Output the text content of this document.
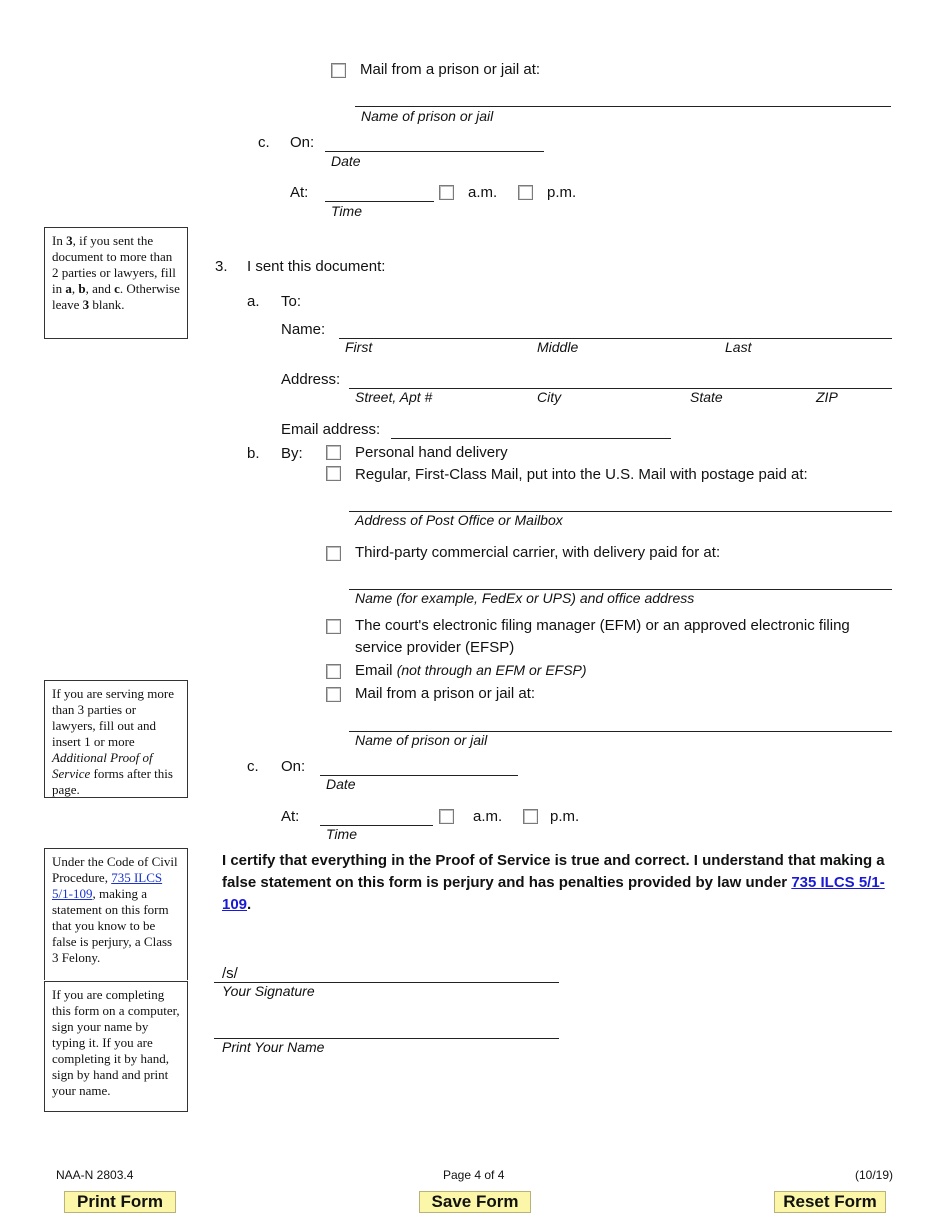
Mail from a prison or jail at:
Name of prison or jail
c. On:
Date
At:
Time
a.m.	p.m.
In 3, if you sent the document to more than 2 parties or lawyers, fill in a, b, and c. Otherwise leave 3 blank.
If you are serving more than 3 parties or lawyers, fill out and insert 1 or more Additional Proof of Service forms after this page.
Under the Code of Civil Procedure, 735 ILCS 5/1-109, making a statement on this form that you know to be false is perjury, a Class 3 Felony.
If you are completing this form on a computer, sign your name by typing it. If you are completing it by hand, sign by hand and print your name.
3. I sent this document:
a. To:
Name:
First	Middle	Last
Address:
Street, Apt #	City	State	ZIP
Email address:
b. By:	Personal hand delivery
Regular, First-Class Mail, put into the U.S. Mail with postage paid at:
Address of Post Office or Mailbox
Third-party commercial carrier, with delivery paid for at:
Name (for example, FedEx or UPS) and office address
The court's electronic filing manager (EFM) or an approved electronic filing
service provider (EFSP)
Email (not through an EFM or EFSP)
Mail from a prison or jail at:
Name of prison or jail
c. On:
Date
At:
Time
a.m.	p.m.
I certify that everything in the Proof of Service is true and correct. I understand that making a false statement on this form is perjury and has penalties provided by law under 735 ILCS 5/1-109.
/s/
Your Signature
Print Your Name
NAA-N 2803.4	Page 4 of 4	(10/19)
Print Form	Save Form	Reset Form
